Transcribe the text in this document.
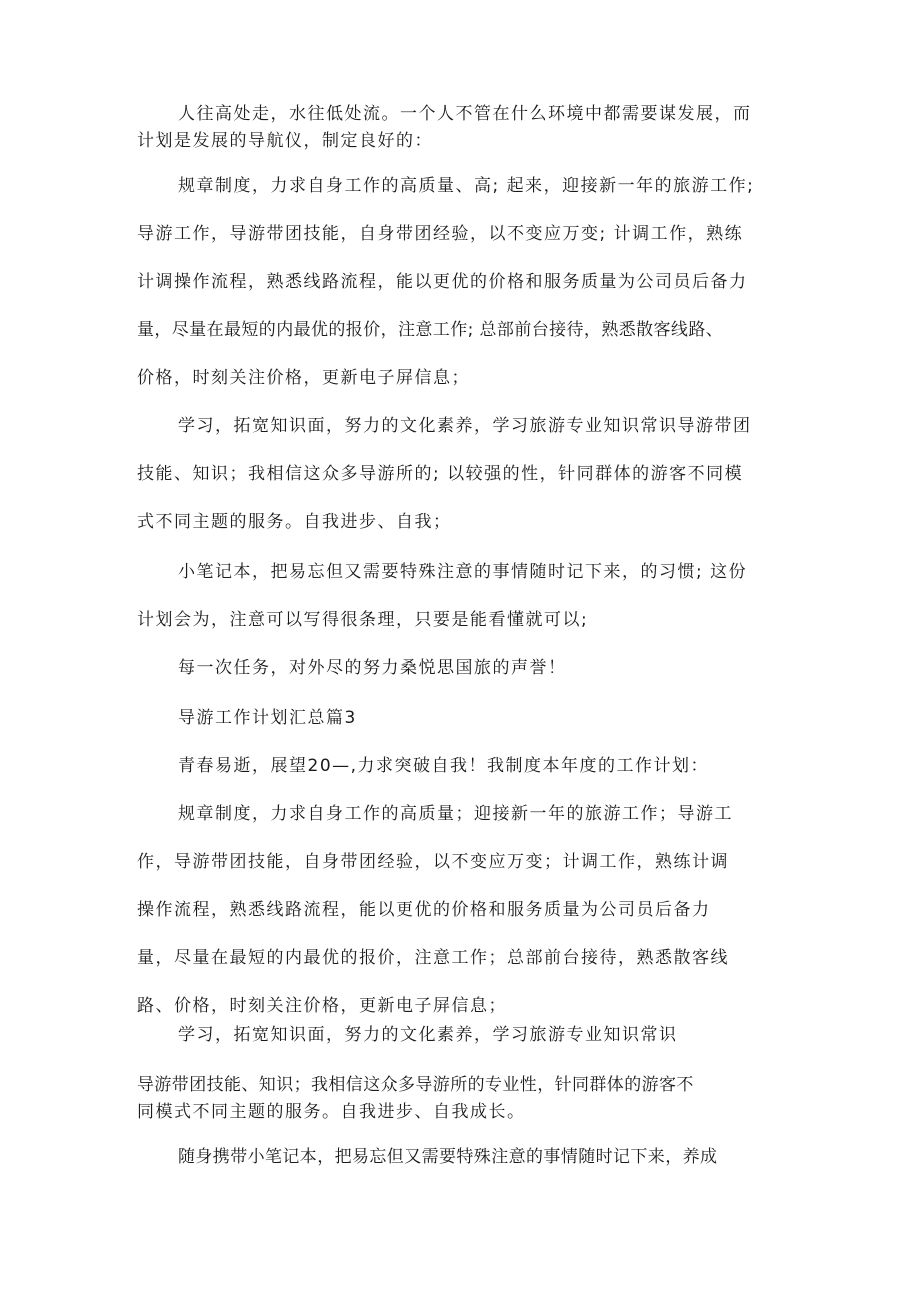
人往高处走，水往低处流。一个人不管在什么环境中都需要谋发展，而
计划是发展的导航仪，制定良好的：
规章制度，力求自身工作的高质量、高; 起来，迎接新一年的旅游工作;
导游工作，导游带团技能，自身带团经验，以不变应万变; 计调工作，熟练
计调操作流程，熟悉线路流程，能以更优的价格和服务质量为公司员后备力
量，尽量在最短的内最优的报价，注意工作; 总部前台接待，熟悉散客线路、
价格，时刻关注价格，更新电子屏信息；
学习，拓宽知识面，努力的文化素养，学习旅游专业知识常识导游带团
技能、知识；我相信这众多导游所的; 以较强的性，针同群体的游客不同模
式不同主题的服务。自我进步、自我；
小笔记本，把易忘但又需要特殊注意的事情随时记下来，的习惯; 这份
计划会为，注意可以写得很条理，只要是能看懂就可以;
每一次任务，对外尽的努力桑悦思国旅的声誉！
导游工作计划汇总篇3
青春易逝，展望20—,力求突破自我！我制度本年度的工作计划：
规章制度，力求自身工作的高质量；迎接新一年的旅游工作；导游工
作，导游带团技能，自身带团经验，以不变应万变；计调工作，熟练计调
操作流程，熟悉线路流程，能以更优的价格和服务质量为公司员后备力
量，尽量在最短的内最优的报价，注意工作；总部前台接待，熟悉散客线
路、价格，时刻关注价格，更新电子屏信息；
学习，拓宽知识面，努力的文化素养，学习旅游专业知识常识
导游带团技能、知识；我相信这众多导游所的专业性，针同群体的游客不
同模式不同主题的服务。自我进步、自我成长。
随身携带小笔记本，把易忘但又需要特殊注意的事情随时记下来，养成
